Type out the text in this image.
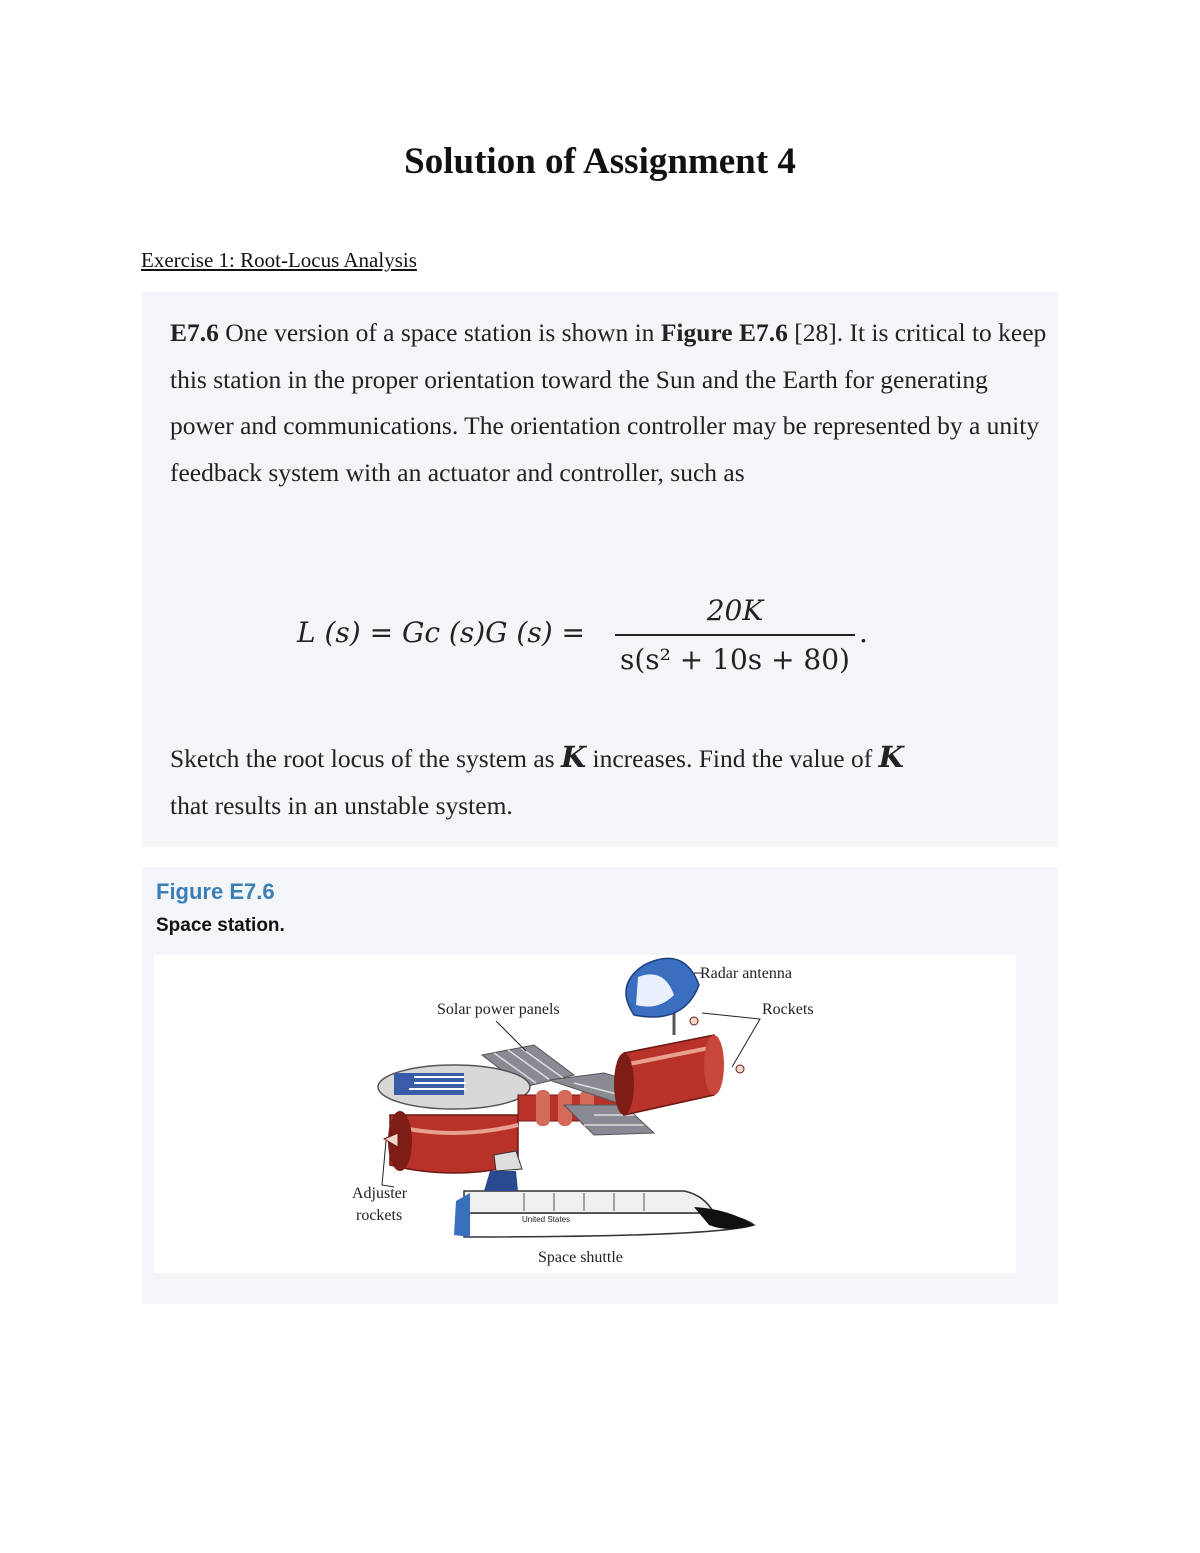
Solution of Assignment 4

Exercise 1: Root-Locus Analysis

E7.6 One version of a space station is shown in Figure E7.6 [28]. It is critical to keep this station in the proper orientation toward the Sun and the Earth for generating power and communications. The orientation controller may be represented by a unity feedback system with an actuator and controller, such as
L (s) = Gc (s)G (s) =
20K
s(s² + 10s + 80)
.
Sketch the root locus of the system as K increases. Find the value of K
that results in an unstable system.
Figure E7.6
Space station.
Radar antenna
Rockets
Solar power panels
Adjuster
rockets
Space shuttle
United States
